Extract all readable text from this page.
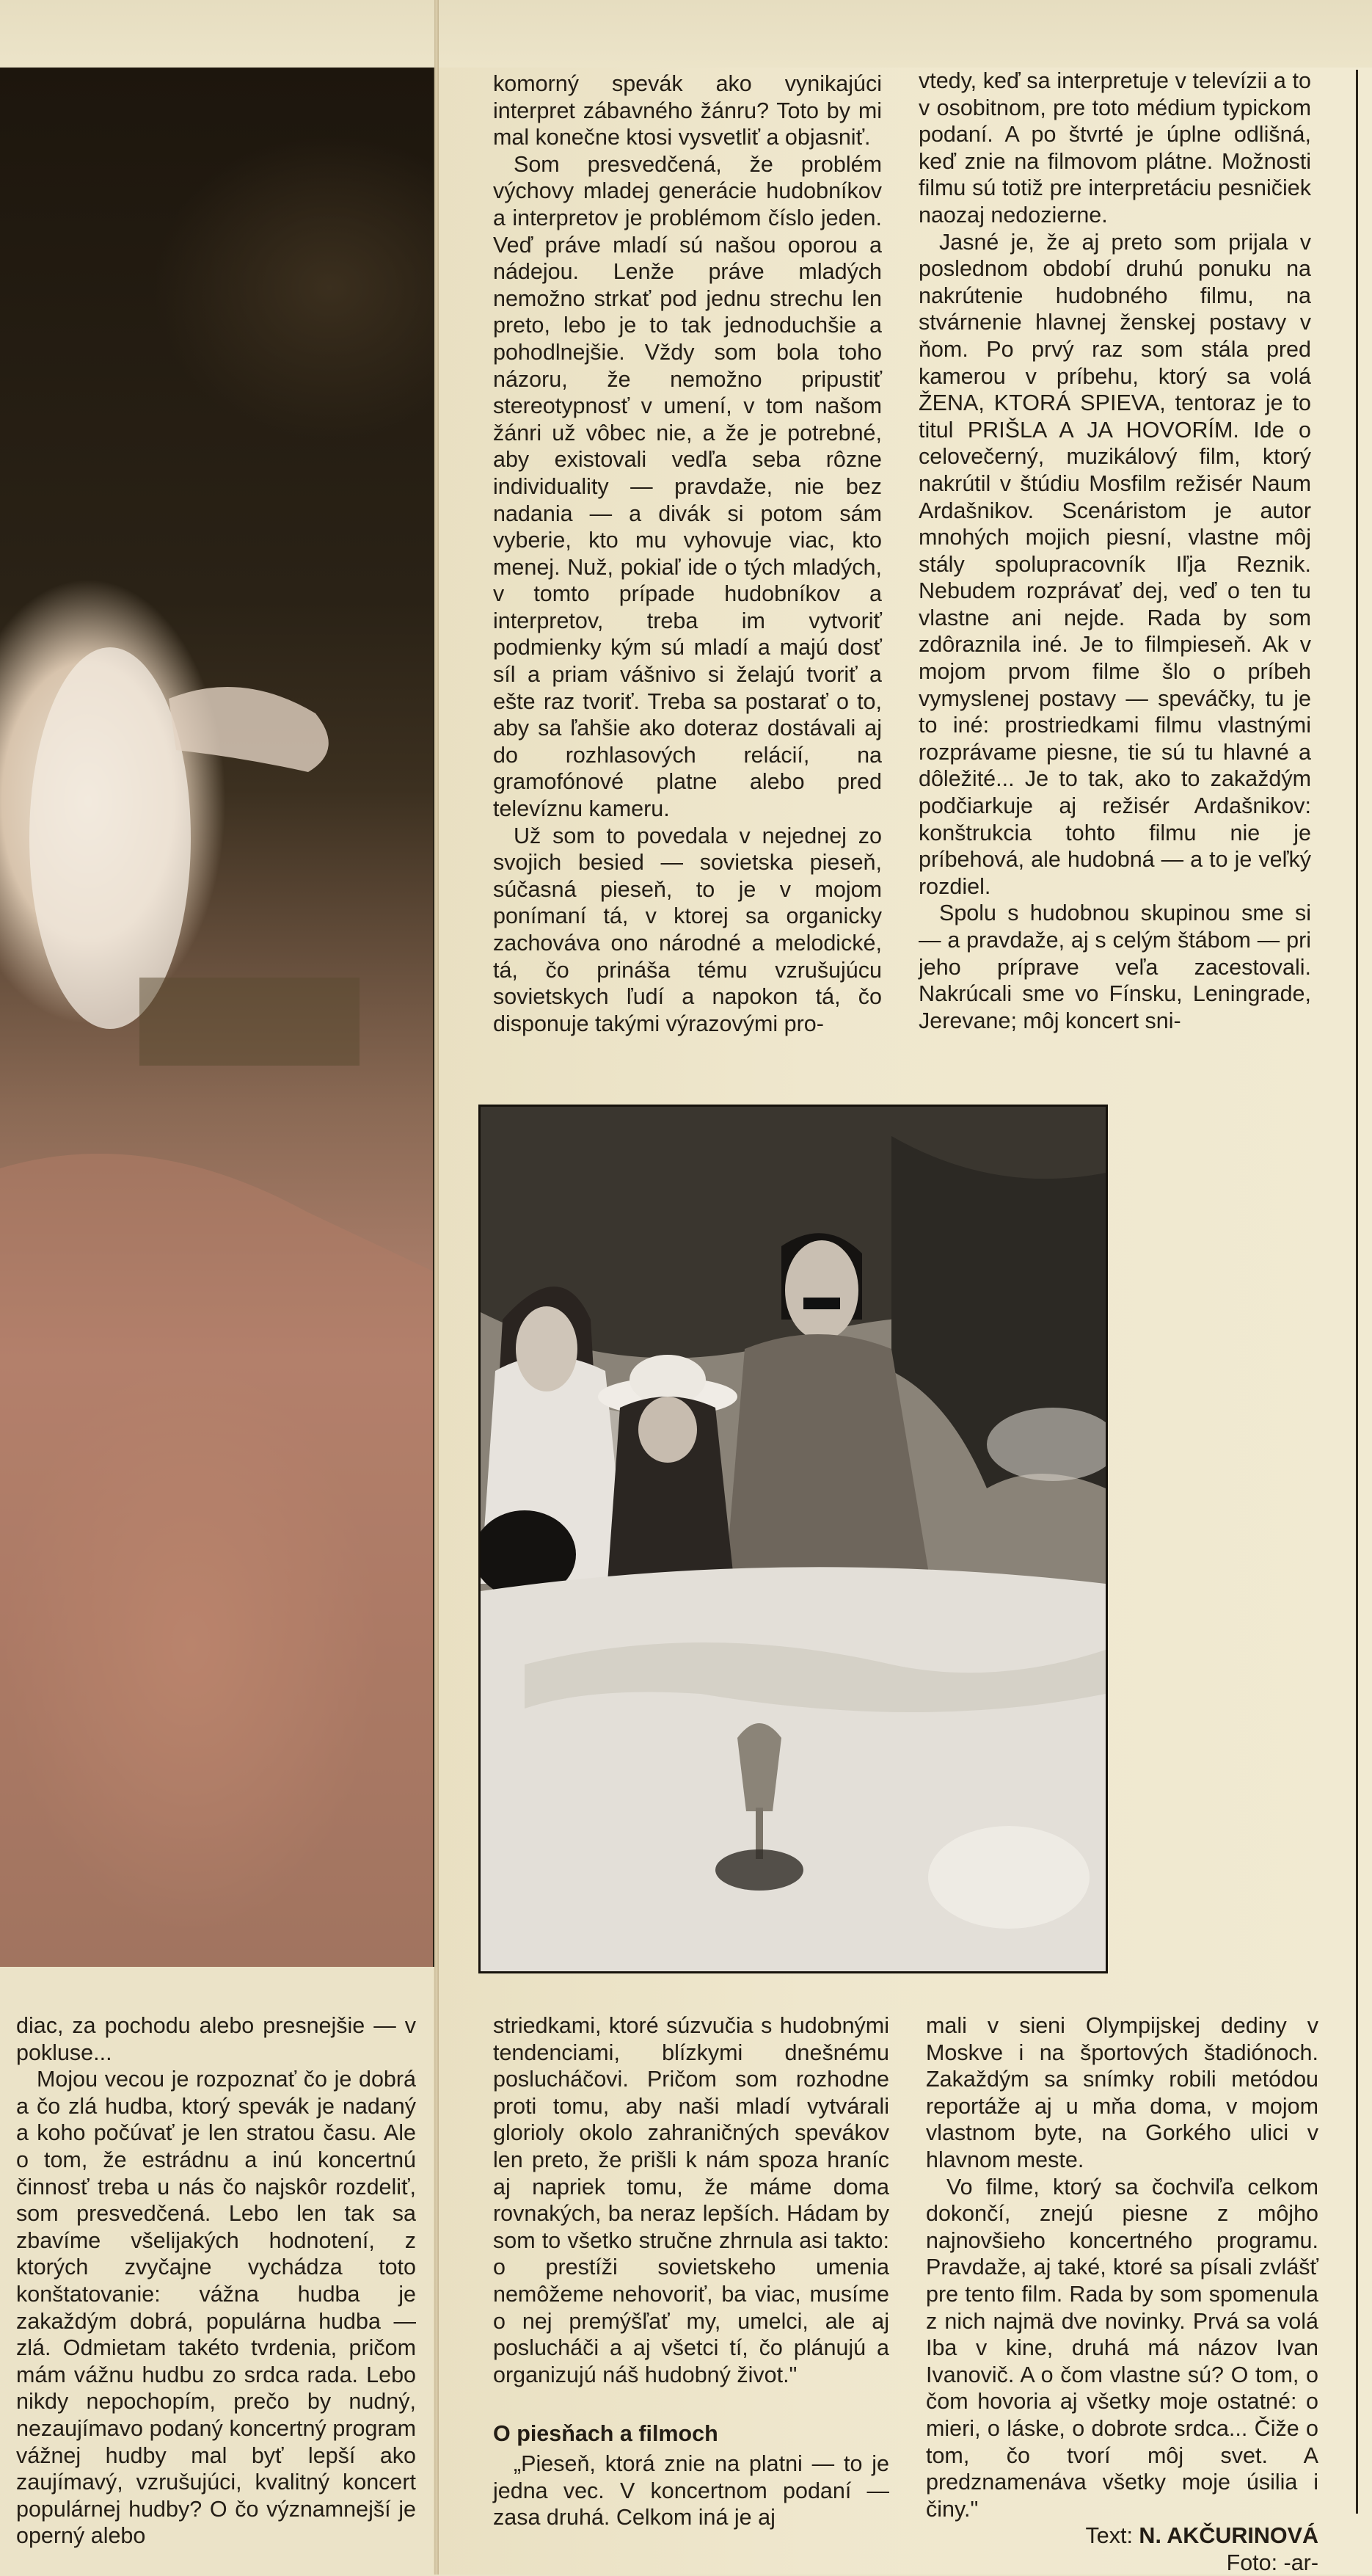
komorný spevák ako vynikajúci interpret zábavného žánru? Toto by mi mal konečne ktosi vysvetliť a objasniť.

Som presvedčená, že problém výchovy mladej generácie hudobníkov a interpretov je problémom číslo jeden. Veď práve mladí sú našou oporou a nádejou. Lenže práve mladých nemožno strkať pod jednu strechu len preto, lebo je to tak jednoduchšie a pohodlnejšie. Vždy som bola toho názoru, že nemožno pripustiť stereotypnosť v umení, v tom našom žánri už vôbec nie, a že je potrebné, aby existovali vedľa seba rôzne individuality — pravdaže, nie bez nadania — a divák si potom sám vyberie, kto mu vyhovuje viac, kto menej. Nuž, pokiaľ ide o tých mladých, v tomto prípade hudobníkov a interpretov, treba im vytvoriť podmienky kým sú mladí a majú dosť síl a priam vášnivo si želajú tvoriť a ešte raz tvoriť. Treba sa postarať o to, aby sa ľahšie ako doteraz dostávali aj do rozhlasových relácií, na gramofónové platne alebo pred televíznu kameru.

Už som to povedala v nejednej zo svojich besied — sovietska pieseň, súčasná pieseň, to je v mojom ponímaní tá, v ktorej sa organicky zachováva ono národné a melodické, tá, čo prináša tému vzrušujúcu sovietskych ľudí a napokon tá, čo disponuje takými výrazovými pro-

vtedy, keď sa interpretuje v televízii a to v osobitnom, pre toto médium typickom podaní. A po štvrté je úplne odlišná, keď znie na filmovom plátne. Možnosti filmu sú totiž pre interpretáciu pesničiek naozaj nedozierne.

Jasné je, že aj preto som prijala v poslednom období druhú ponuku na nakrútenie hudobného filmu, na stvárnenie hlavnej ženskej postavy v ňom. Po prvý raz som stála pred kamerou v príbehu, ktorý sa volá ŽENA, KTORÁ SPIEVA, tentoraz je to titul PRIŠLA A JA HOVORÍM. Ide o celovečerný, muzikálový film, ktorý nakrútil v štúdiu Mosfilm režisér Naum Ardašnikov. Scenáristom je autor mnohých mojich piesní, vlastne môj stály spolupracovník Iľja Reznik. Nebudem rozprávať dej, veď o ten tu vlastne ani nejde. Rada by som zdôraznila iné. Je to filmpieseň. Ak v mojom prvom filme šlo o príbeh vymyslenej postavy — speváčky, tu je to iné: prostriedkami filmu vlastnými rozprávame piesne, tie sú tu hlavné a dôležité... Je to tak, ako to zakaždým podčiarkuje aj režisér Ardašnikov: konštrukcia tohto filmu nie je príbehová, ale hudobná — a to je veľký rozdiel.

Spolu s hudobnou skupinou sme si — a pravdaže, aj s celým štábom — pri jeho príprave veľa zacestovali. Nakrúcali sme vo Fínsku, Leningrade, Jerevane; môj koncert sni-

diac, za pochodu alebo presnejšie — v pokluse...

Mojou vecou je rozpoznať čo je dobrá a čo zlá hudba, ktorý spevák je nadaný a koho počúvať je len stratou času. Ale o tom, že estrádnu a inú koncertnú činnosť treba u nás čo najskôr rozdeliť, som presvedčená. Lebo len tak sa zbavíme všelijakých hodnotení, z ktorých zvyčajne vychádza toto konštatovanie: vážna hudba je zakaždým dobrá, populárna hudba — zlá. Odmietam takéto tvrdenia, pričom mám vážnu hudbu zo srdca rada. Lebo nikdy nepochopím, prečo by nudný, nezaujímavo podaný koncertný program vážnej hudby mal byť lepší ako zaujímavý, vzrušujúci, kvalitný koncert populárnej hudby? O čo významnejší je operný alebo

striedkami, ktoré súzvučia s hudobnými tendenciami, blízkymi dnešnému poslucháčovi. Pričom som rozhodne proti tomu, aby naši mladí vytvárali glorioly okolo zahraničných spevákov len preto, že prišli k nám spoza hraníc aj napriek tomu, že máme doma rovnakých, ba neraz lepších. Hádam by som to všetko stručne zhrnula asi takto: o prestíži sovietskeho umenia nemôžeme nehovoriť, ba viac, musíme o nej premýšľať my, umelci, ale aj poslucháči a aj všetci tí, čo plánujú a organizujú náš hudobný život."

O piesňach a filmoch

„Pieseň, ktorá znie na platni — to je jedna vec. V koncertnom podaní — zasa druhá. Celkom iná je aj

mali v sieni Olympijskej dediny v Moskve i na športových štadiónoch. Zakaždým sa snímky robili metódou reportáže aj u mňa doma, v mojom vlastnom byte, na Gorkého ulici v hlavnom meste.

Vo filme, ktorý sa čochviľa celkom dokončí, znejú piesne z môjho najnovšieho koncertného programu. Pravdaže, aj také, ktoré sa písali zvlášť pre tento film. Rada by som spomenula z nich najmä dve novinky. Prvá sa volá Iba v kine, druhá má názov Ivan Ivanovič. A o čom vlastne sú? O tom, o čom hovoria aj všetky moje ostatné: o mieri, o láske, o dobrote srdca... Čiže o tom, čo tvorí môj svet. A predznamenáva všetky moje úsilia i činy."

Text: N. AKČURINOVÁ

Foto: -ar-
